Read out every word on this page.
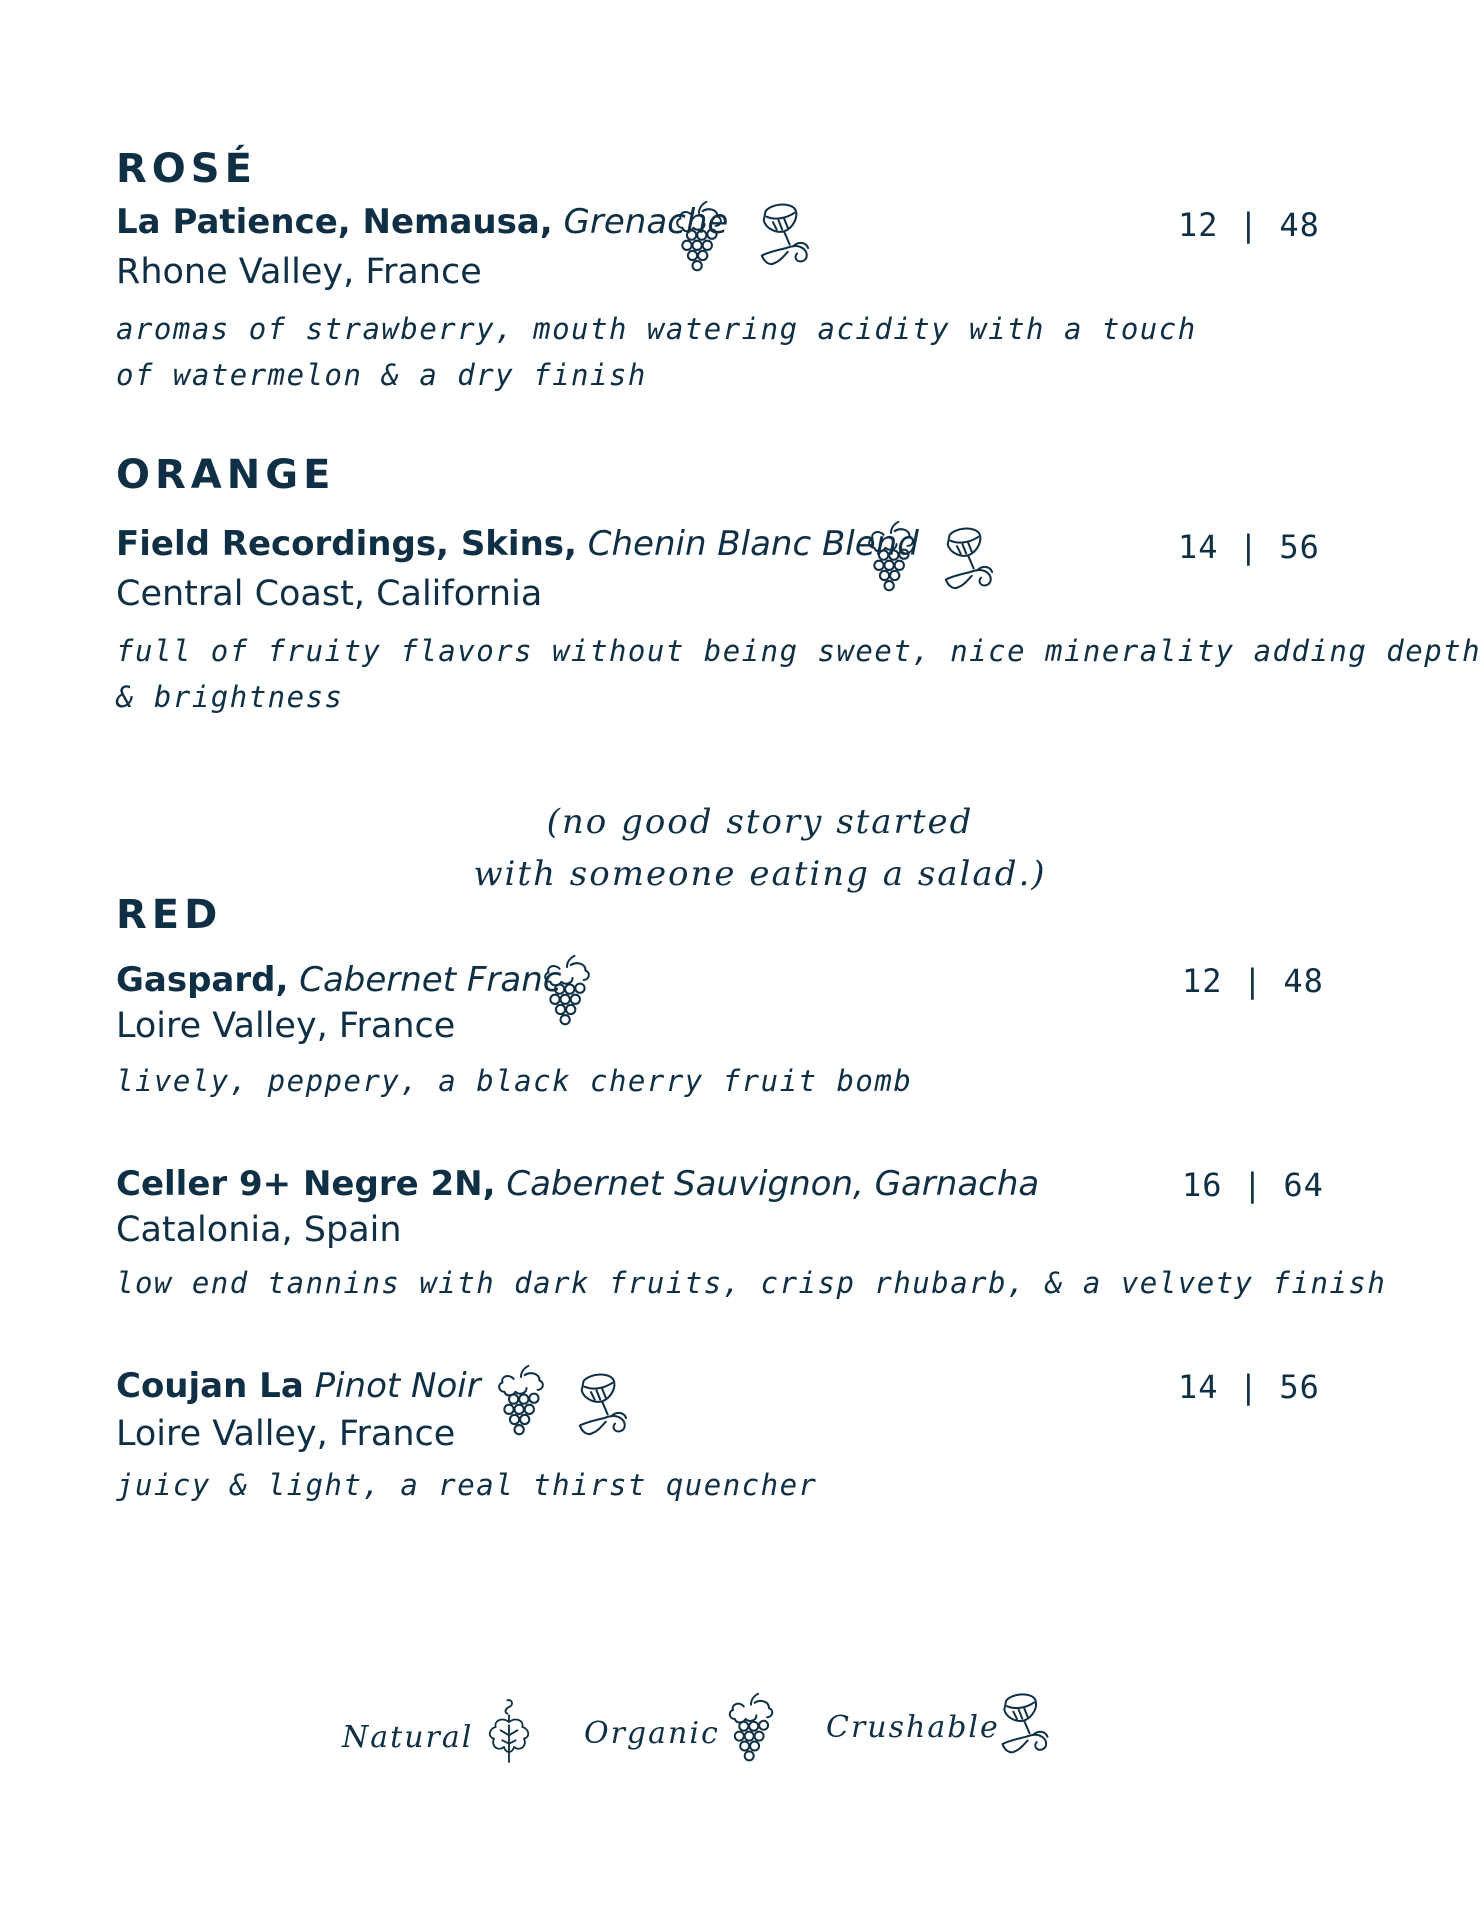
ROSÉ
La Patience, Nemausa, Grenache	12 | 48
Rhone Valley, France
aromas of strawberry, mouth watering acidity with a touch
of watermelon & a dry finish
ORANGE
Field Recordings, Skins, Chenin Blanc Blend	14 | 56
Central Coast, California
full of fruity flavors without being sweet, nice minerality adding depth
& brightness
(no good story started
with someone eating a salad.)
RED
Gaspard, Cabernet Franc	12 | 48
Loire Valley, France
lively, peppery, a black cherry fruit bomb
Celler 9+ Negre 2N, Cabernet Sauvignon, Garnacha	16 | 64
Catalonia, Spain
low end tannins with dark fruits, crisp rhubarb, & a velvety finish
Coujan La Pinot Noir	14 | 56
Loire Valley, France
juicy & light, a real thirst quencher
Natural	Organic	Crushable
